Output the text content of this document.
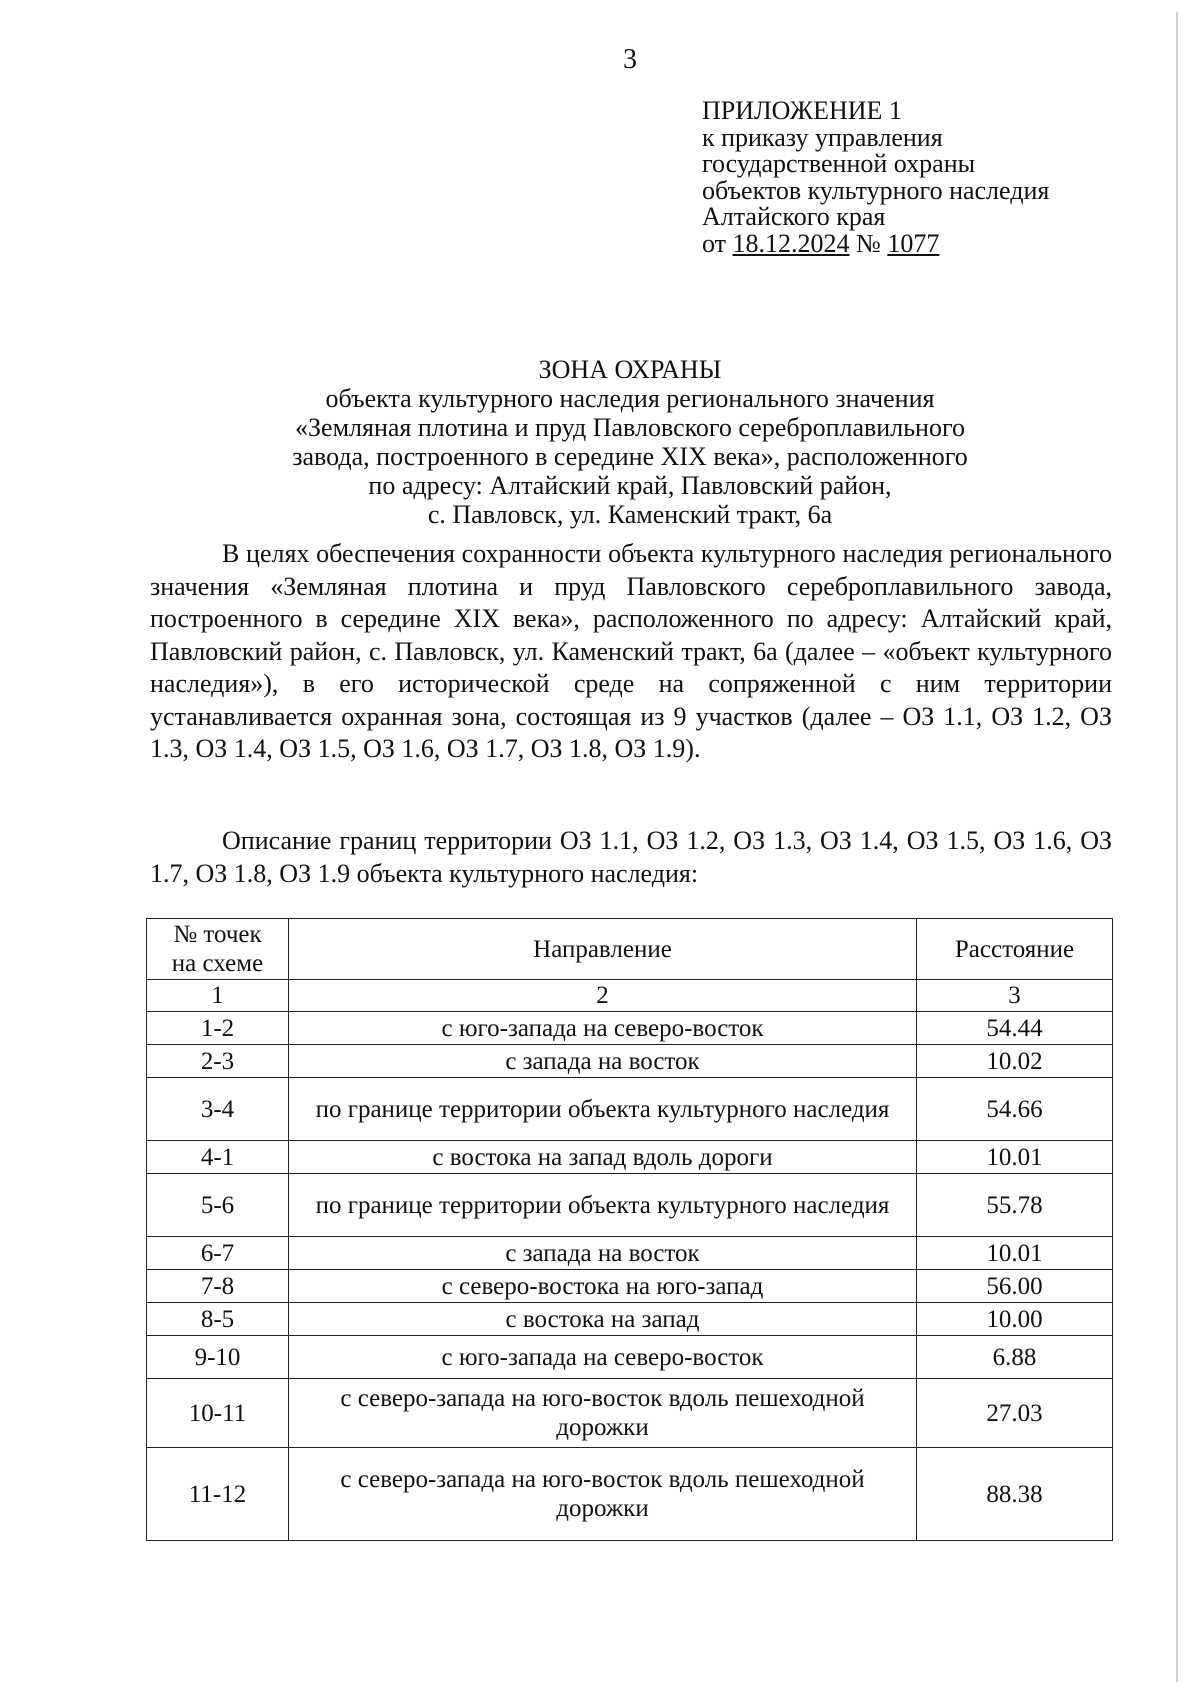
3
ПРИЛОЖЕНИЕ 1
к приказу управления
государственной охраны
объектов культурного наследия
Алтайского края
от 18.12.2024 № 1077
ЗОНА ОХРАНЫ
объекта культурного наследия регионального значения
«Земляная плотина и пруд Павловского сереброплавильного
завода, построенного в середине XIX века», расположенного
по адресу: Алтайский край, Павловский район,
с. Павловск, ул. Каменский тракт, 6а

В целях обеспечения сохранности объекта культурного наследия регионального значения «Земляная плотина и пруд Павловского сереброплавильного завода, построенного в середине XIX века», расположенного по адресу: Алтайский край, Павловский район, с. Павловск, ул. Каменский тракт, 6а (далее – «объект культурного наследия»), в его исторической среде на сопряженной с ним территории устанавливается охранная зона, состоящая из 9 участков (далее – ОЗ 1.1, ОЗ 1.2, ОЗ 1.3, ОЗ 1.4, ОЗ 1.5, ОЗ 1.6, ОЗ 1.7, ОЗ 1.8, ОЗ 1.9).

Описание границ территории ОЗ 1.1, ОЗ 1.2, ОЗ 1.3, ОЗ 1.4, ОЗ 1.5, ОЗ 1.6, ОЗ 1.7, ОЗ 1.8, ОЗ 1.9 объекта культурного наследия:

№ точек
на схеме	Направление	Расстояние
1	2	3
1-2	с юго-запада на северо-восток	54.44
2-3	с запада на восток	10.02
3-4	по границе территории объекта культурного наследия	54.66
4-1	с востока на запад вдоль дороги	10.01
5-6	по границе территории объекта культурного наследия	55.78
6-7	с запада на восток	10.01
7-8	с северо-востока на юго-запад	56.00
8-5	с востока на запад	10.00
9-10	с юго-запада на северо-восток	6.88
10-11	с северо-запада на юго-восток вдоль пешеходной дорожки	27.03
11-12	с северо-запада на юго-восток вдоль пешеходной дорожки	88.38
